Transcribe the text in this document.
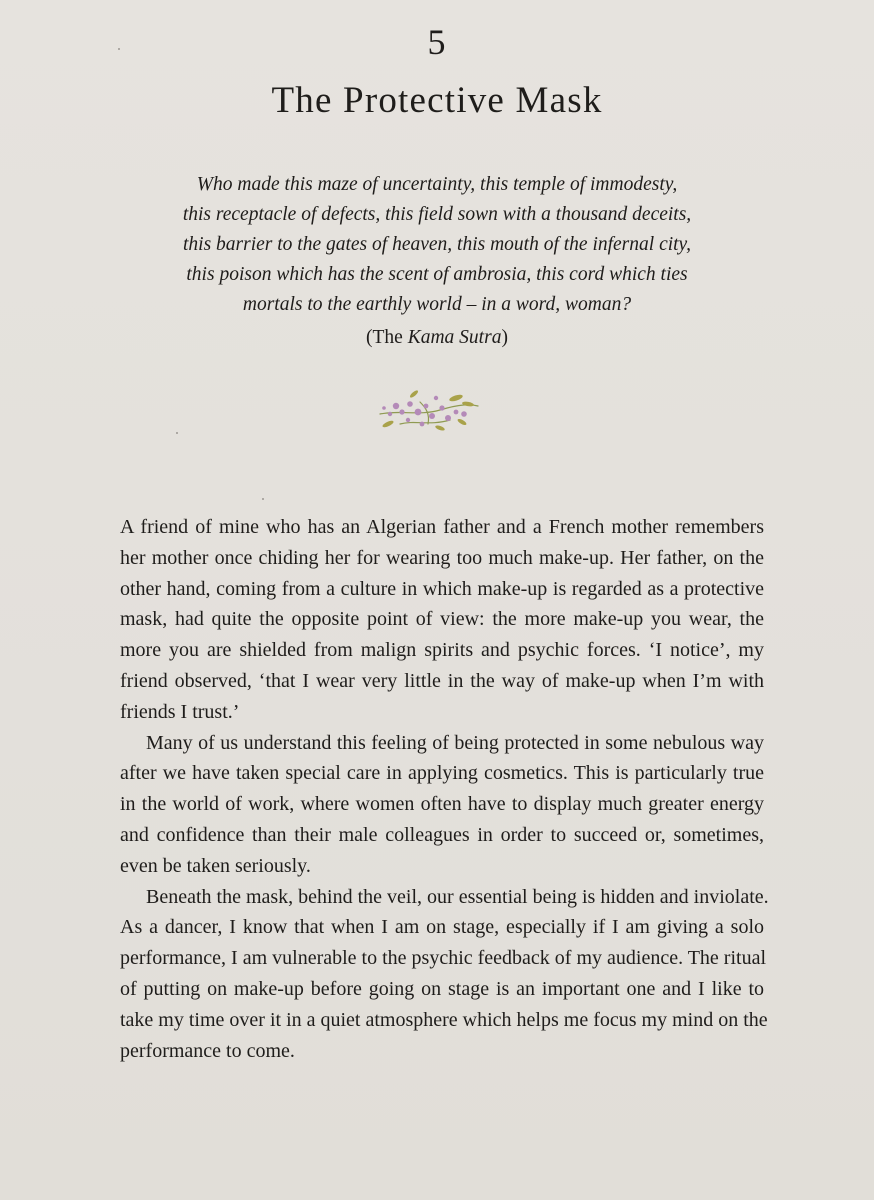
5
The Protective Mask
Who made this maze of uncertainty, this temple of immodesty,
this receptacle of defects, this field sown with a thousand deceits,
this barrier to the gates of heaven, this mouth of the infernal city,
this poison which has the scent of ambrosia, this cord which ties
mortals to the earthly world – in a word, woman?
(The Kama Sutra)
A friend of mine who has an Algerian father and a French mother remembers
her mother once chiding her for wearing too much make-up. Her father, on the
other hand, coming from a culture in which make-up is regarded as a protective
mask, had quite the opposite point of view: the more make-up you wear, the
more you are shielded from malign spirits and psychic forces. ‘I notice’, my
friend observed, ‘that I wear very little in the way of make-up when I’m with
friends I trust.’
Many of us understand this feeling of being protected in some nebulous way
after we have taken special care in applying cosmetics. This is particularly true
in the world of work, where women often have to display much greater energy
and confidence than their male colleagues in order to succeed or, sometimes,
even be taken seriously.
Beneath the mask, behind the veil, our essential being is hidden and inviolate.
As a dancer, I know that when I am on stage, especially if I am giving a solo
performance, I am vulnerable to the psychic feedback of my audience. The ritual
of putting on make-up before going on stage is an important one and I like to
take my time over it in a quiet atmosphere which helps me focus my mind on the
performance to come.
